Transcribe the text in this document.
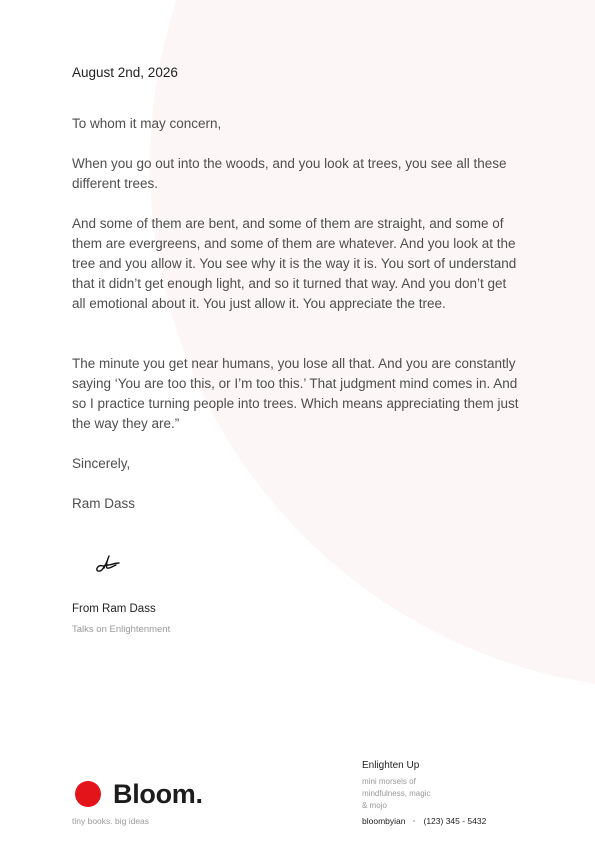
August 2nd, 2026

To whom it may concern,

When you go out into the woods, and you look at trees, you see all these different trees.

And some of them are bent, and some of them are straight, and some of them are evergreens, and some of them are whatever. And you look at the tree and you allow it. You see why it is the way it is. You sort of understand that it didn’t get enough light, and so it turned that way. And you don’t get all emotional about it. You just allow it. You appreciate the tree.

The minute you get near humans, you lose all that. And you are constantly saying ‘You are too this, or I’m too this.’ That judgment mind comes in. And so I practice turning people into trees. Which means appreciating them just the way they are.”

Sincerely,

Ram Dass

From Ram Dass
Talks on Enlightenment
Bloom.
tiny books. big ideas
Enlighten Up
mini morsels of
mindfulness, magic
& mojo
bloombyian (123) 345 - 5432
